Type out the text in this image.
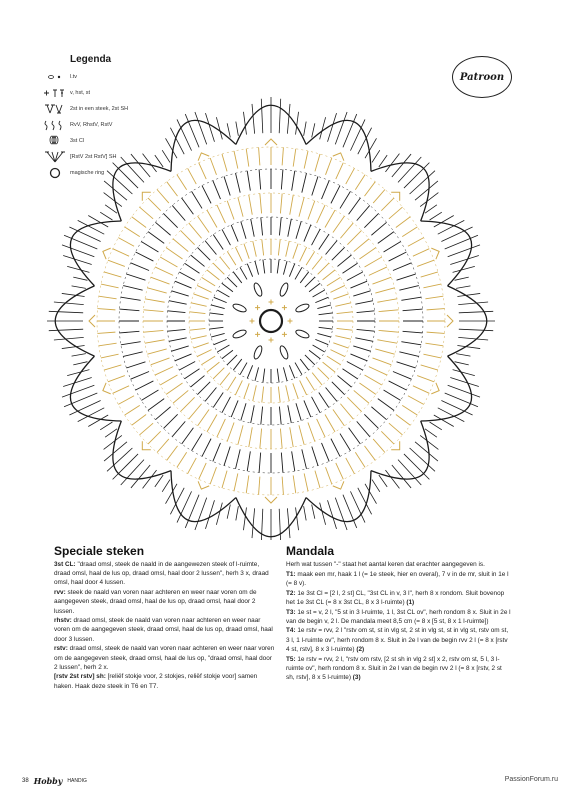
Legenda
l.tv
v, hst, st
2st in een steek, 2st SH
RvV, RhstV, RstV
3st Cl
[RstV 2st RstV] SH
magische ring
Patroon
Speciale steken

3st CL: "draad omsl, steek de naald in de aangewezen steek of l-ruimte, draad omsl, haal de lus op, draad omsl, haal door 2 lussen", herh 3 x, draad omsl, haal door 4 lussen.

rvv: steek de naald van voren naar achteren en weer naar voren om de aangegeven steek, draad omsl, haal de lus op, draad omsl, haal door 2 lussen.

rhstv: draad omsl, steek de naald van voren naar achteren en weer naar voren om de aangegeven steek, draad omsl, haal de lus op, draad omsl, haal door 3 lussen.

rstv: draad omsl, steek de naald van voren naar achteren en weer naar voren om de aangegeven steek, draad omsl, haal de lus op, "draad omsl, haal door 2 lussen", herh 2 x.

[rstv 2st rstv] sh: [reliëf stokje voor, 2 stokjes, reliëf stokje voor] samen haken. Haak deze steek in T6 en T7.

Mandala

Herh wat tussen "-" staat het aantal keren dat erachter aangegeven is.

T1: maak een mr, haak 1 l (= 1e steek, hier en overal), 7 v in de mr, sluit in 1e l (= 8 v).

T2: 1e 3st Cl = [2 l, 2 st] CL, "3st CL in v, 3 l", herh 8 x rondom. Sluit bovenop het 1e 3st CL (= 8 x 3st CL, 8 x 3 l-ruimte) (1)

T3: 1e st = v, 2 l, "5 st in 3 l-ruimte, 1 l, 3st CL ov", herh rondom 8 x. Sluit in 2e l van de begin v, 2 l. De mandala meet 8,5 cm (= 8 x [5 st, 8 x 1 l-ruimte])

T4: 1e rstv = rvv, 2 l "rstv om st, st in vlg st, 2 st in vlg st, st in vlg st, rstv om st, 3 l, 1 l-ruimte ov", herh rondom 8 x. Sluit in 2e l van de begin rvv 2 l (= 8 x [rstv 4 st, rstv], 8 x 3 l-ruimte) (2)

T5: 1e rstv = rvv, 2 l, "rstv om rstv, [2 st sh in vlg 2 st] x 2, rstv om st, 5 l, 3 l-ruimte ov", herh rondom 8 x. Sluit in 2e l van de begin rvv 2 l (= 8 x [rstv, 2 st sh, rstv], 8 x 5 l-ruimte) (3)

38 Hobby HANDIG	PassionForum.ru
